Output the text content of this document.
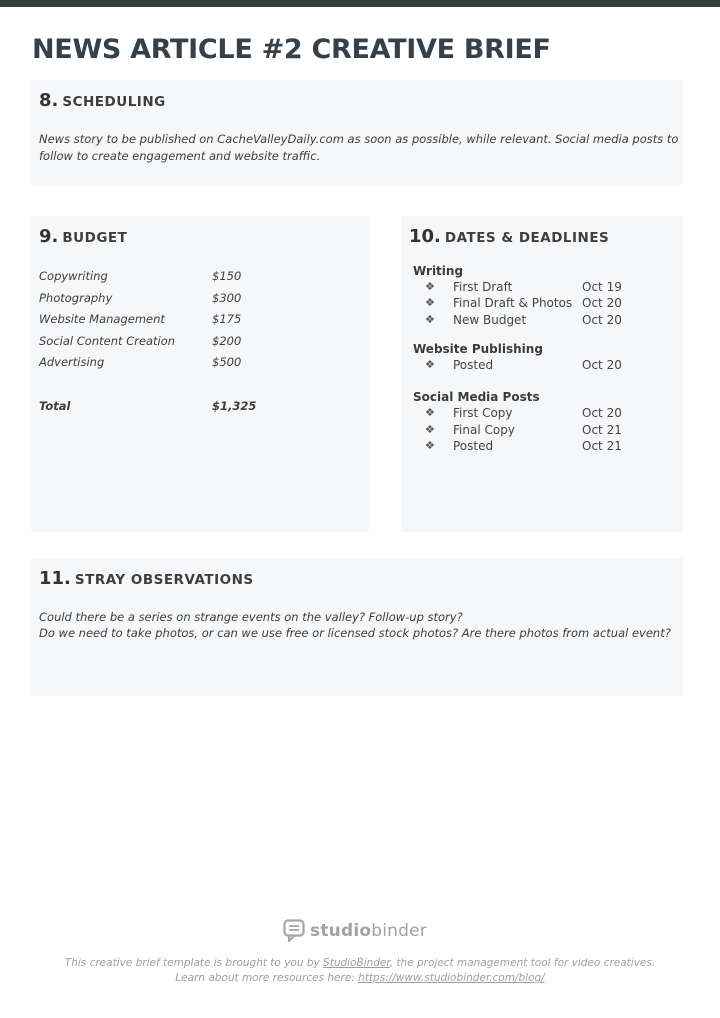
NEWS ARTICLE #2 CREATIVE BRIEF
8. SCHEDULING
News story to be published on CacheValleyDaily.com as soon as possible, while relevant. Social media posts to follow to create engagement and website traffic.
9. BUDGET
Copywriting	$150
Photography	$300
Website Management	$175
Social Content Creation	$200
Advertising	$500
Total	$1,325
10. DATES & DEADLINES
Writing
❖ First Draft	Oct 19
❖ Final Draft & Photos Oct 20
❖ New Budget	Oct 20
Website Publishing
❖ Posted	Oct 20
Social Media Posts
❖ First Copy	Oct 20
❖ Final Copy	Oct 21
❖ Posted	Oct 21
11. STRAY OBSERVATIONS
Could there be a series on strange events on the valley? Follow-up story?
Do we need to take photos, or can we use free or licensed stock photos? Are there photos from actual event?
studiobinder
This creative brief template is brought to you by StudioBinder, the project management tool for video creatives.
Learn about more resources here: https://www.studiobinder.com/blog/
